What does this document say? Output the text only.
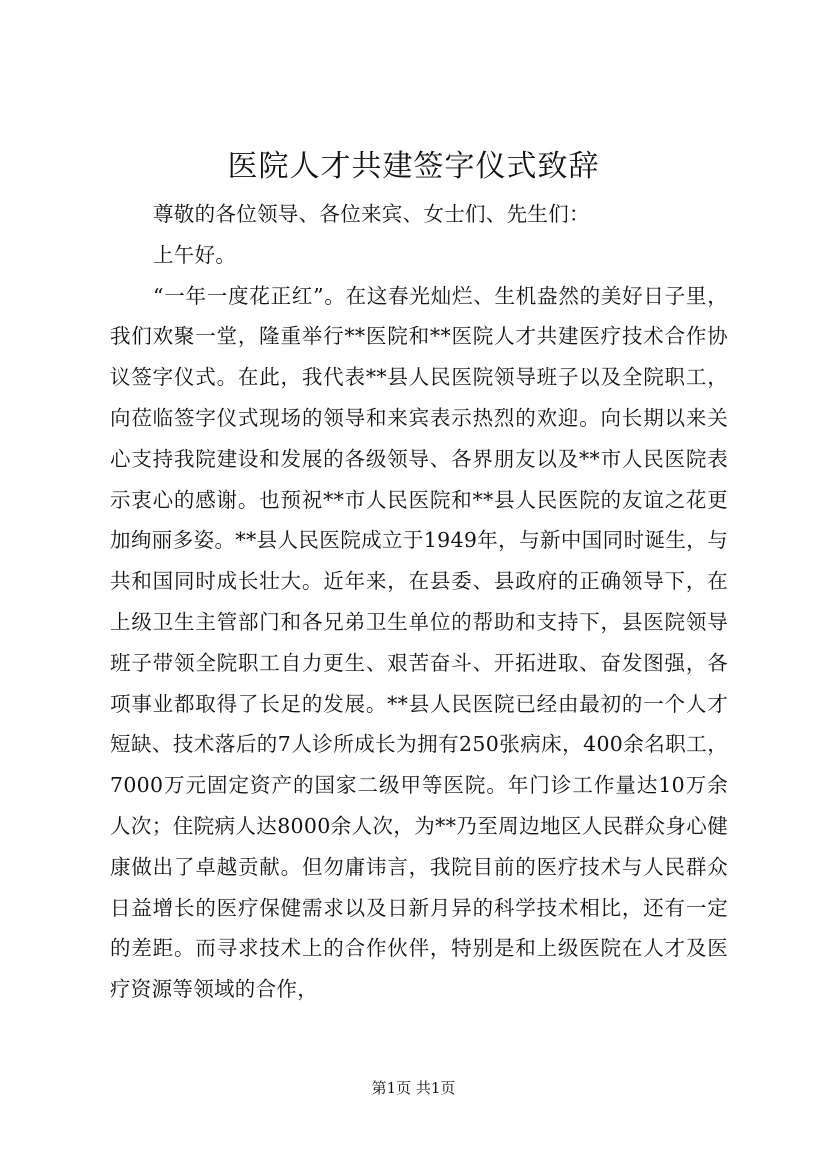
医院人才共建签字仪式致辞

尊敬的各位领导、各位来宾、女士们、先生们：

上午好。

“一年一度花正红”。在这春光灿烂、生机盎然的美好日子里，我们欢聚一堂，隆重举行**医院和**医院人才共建医疗技术合作协议签字仪式。在此，我代表**县人民医院领导班子以及全院职工，向莅临签字仪式现场的领导和来宾表示热烈的欢迎。向长期以来关心支持我院建设和发展的各级领导、各界朋友以及**市人民医院表示衷心的感谢。也预祝**市人民医院和**县人民医院的友谊之花更加绚丽多姿。**县人民医院成立于1949年，与新中国同时诞生，与共和国同时成长壮大。近年来，在县委、县政府的正确领导下，在上级卫生主管部门和各兄弟卫生单位的帮助和支持下，县医院领导班子带领全院职工自力更生、艰苦奋斗、开拓进取、奋发图强，各项事业都取得了长足的发展。**县人民医院已经由最初的一个人才短缺、技术落后的7人诊所成长为拥有250张病床，400余名职工，7000万元固定资产的国家二级甲等医院。年门诊工作量达10万余人次；住院病人达8000余人次，为**乃至周边地区人民群众身心健康做出了卓越贡献。但勿庸讳言，我院目前的医疗技术与人民群众日益增长的医疗保健需求以及日新月异的科学技术相比，还有一定的差距。而寻求技术上的合作伙伴，特别是和上级医院在人才及医疗资源等领域的合作，

第1页 共1页
